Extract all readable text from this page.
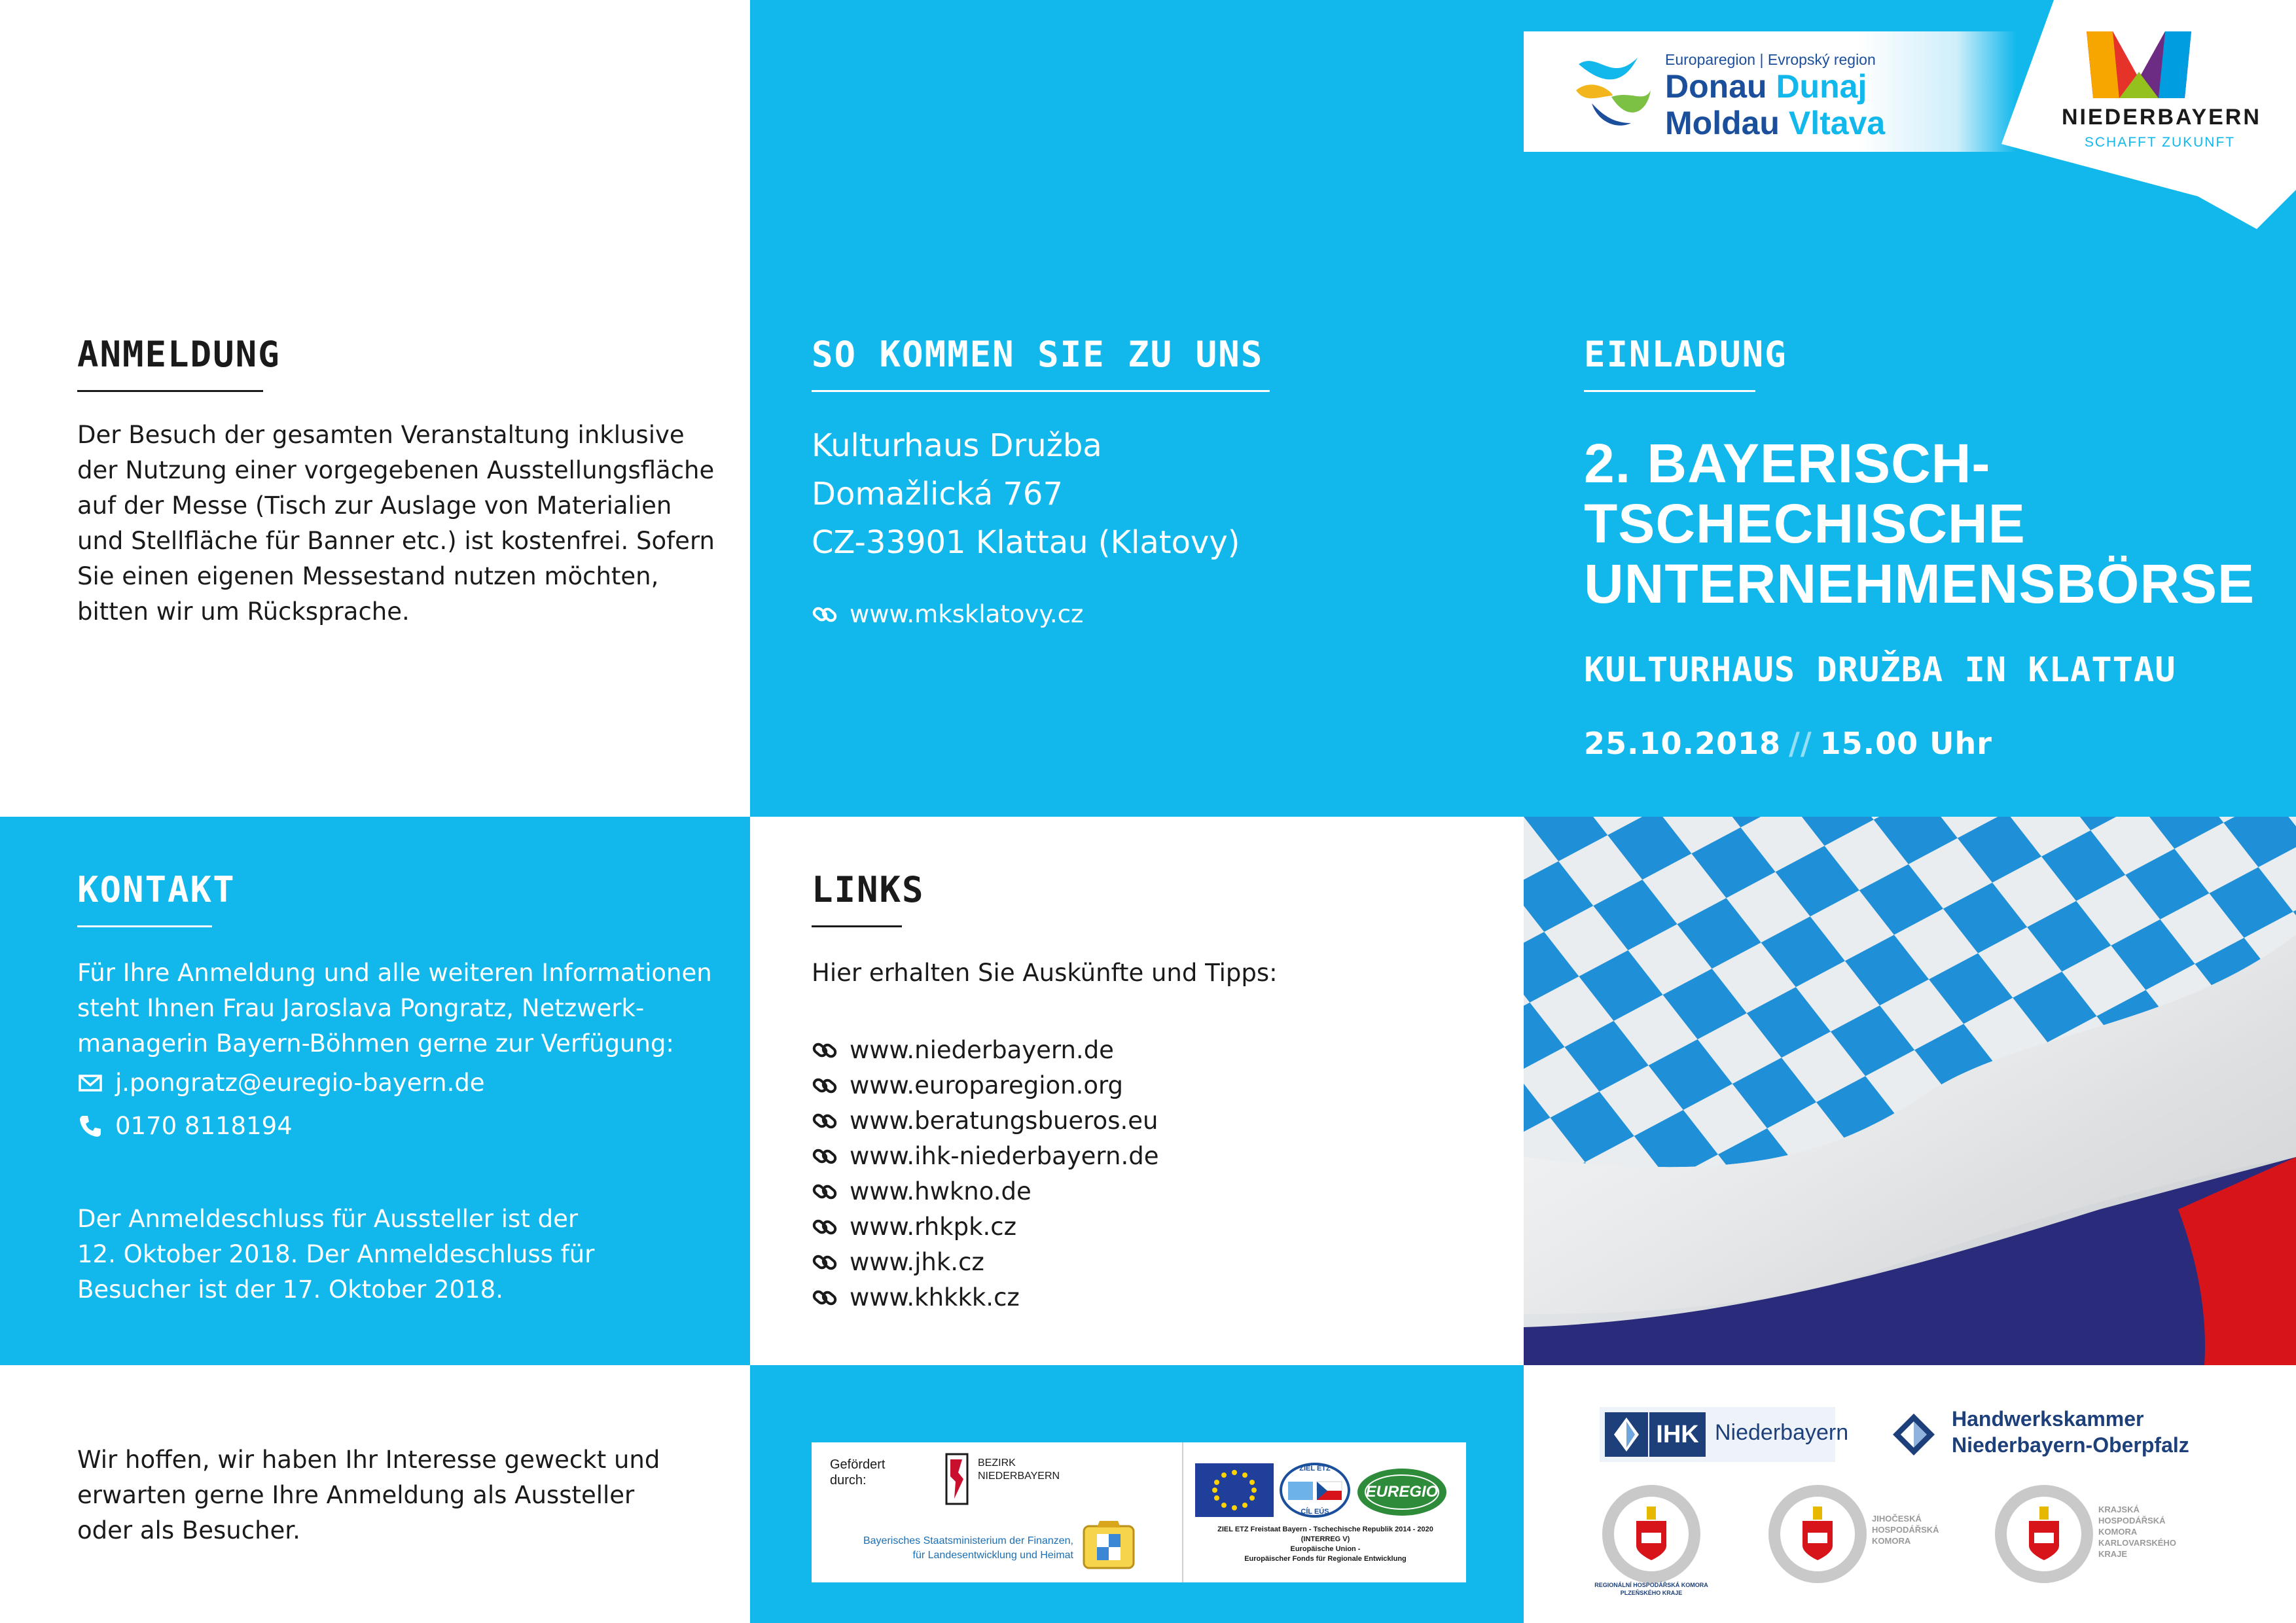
ANMELDUNG

Der Besuch der gesamten Veranstaltung inklusive

der Nutzung einer vorgegebenen Ausstellungsfläche

auf der Messe (Tisch zur Auslage von Materialien

und Stellfläche für Banner etc.) ist kostenfrei. Sofern

Sie einen eigenen Messestand nutzen möchten,

bitten wir um Rücksprache.

SO KOMMEN SIE ZU UNS

Kulturhaus Družba

Domažlická 767

CZ-33901 Klattau (Klatovy)

www.mksklatovy.cz
Europaregion | Evropský region
Donau Dunaj
Moldau Vltava	NIEDERBAYERN
SCHAFFT ZUKUNFT
EINLADUNG
2. BAYERISCH-
TSCHECHISCHE
UNTERNEHMENSBÖRSE

KULTURHAUS DRUŽBA IN KLATTAU

25.10.2018 // 15.00 Uhr

KONTAKT

Für Ihre Anmeldung und alle weiteren Informationen

steht Ihnen Frau Jaroslava Pongratz, Netzwerk-

managerin Bayern-Böhmen gerne zur Verfügung:

j.pongratz@euregio-bayern.de
0170 8118194

Der Anmeldeschluss für Aussteller ist der

12. Oktober 2018. Der Anmeldeschluss für

Besucher ist der 17. Oktober 2018.

LINKS

Hier erhalten Sie Auskünfte und Tipps:

www.niederbayern.de
www.europaregion.org
www.beratungsbueros.eu
www.ihk-niederbayern.de
www.hwkno.de
www.rhkpk.cz
www.jhk.cz
www.khkkk.cz

Wir hoffen, wir haben Ihr Interesse geweckt und

erwarten gerne Ihre Anmeldung als Aussteller

oder als Besucher.

Gefördert
durch:
BEZIRK
NIEDERBAYERN
Bayerisches Staatsministerium der Finanzen,
für Landesentwicklung und Heimat
ZIEL ETZ
CÍL EÚS
EUREGIO
ZIEL ETZ Freistaat Bayern - Tschechische Republik 2014 - 2020
(INTERREG V)
Europäische Union -
Europäischer Fonds für Regionale Entwicklung
IHK Niederbayern
Handwerkskammer
Niederbayern-Oberpfalz
REGIONÁLNÍ HOSPODÁŘSKÁ KOMORA
PLZEŇSKÉHO KRAJE
JIHOČESKÁ
HOSPODÁŘSKÁ
KOMORA
KRAJSKÁ
HOSPODÁŘSKÁ
KOMORA
KARLOVARSKÉHO
KRAJE
